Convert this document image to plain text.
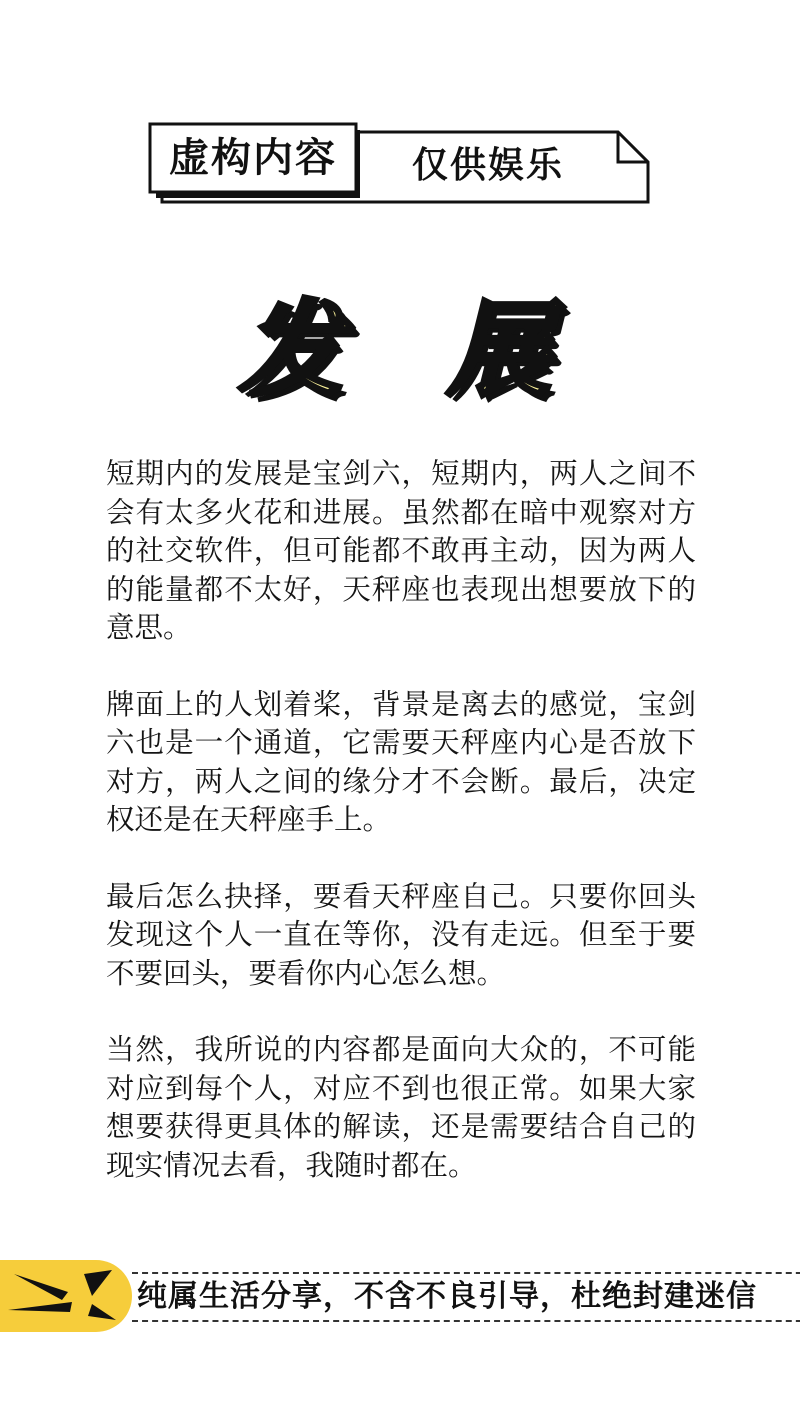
虚构内容	仅供娱乐
发 展

短期内的发展是宝剑六，短期内，两人之间不会有太多火花和进展。虽然都在暗中观察对方的社交软件，但可能都不敢再主动，因为两人的能量都不太好，天秤座也表现出想要放下的意思。

牌面上的人划着桨，背景是离去的感觉，宝剑六也是一个通道，它需要天秤座内心是否放下对方，两人之间的缘分才不会断。最后，决定权还是在天秤座手上。

最后怎么抉择，要看天秤座自己。只要你回头发现这个人一直在等你，没有走远。但至于要不要回头，要看你内心怎么想。

当然，我所说的内容都是面向大众的，不可能对应到每个人，对应不到也很正常。如果大家想要获得更具体的解读，还是需要结合自己的现实情况去看，我随时都在。

纯属生活分享，不含不良引导，杜绝封建迷信
